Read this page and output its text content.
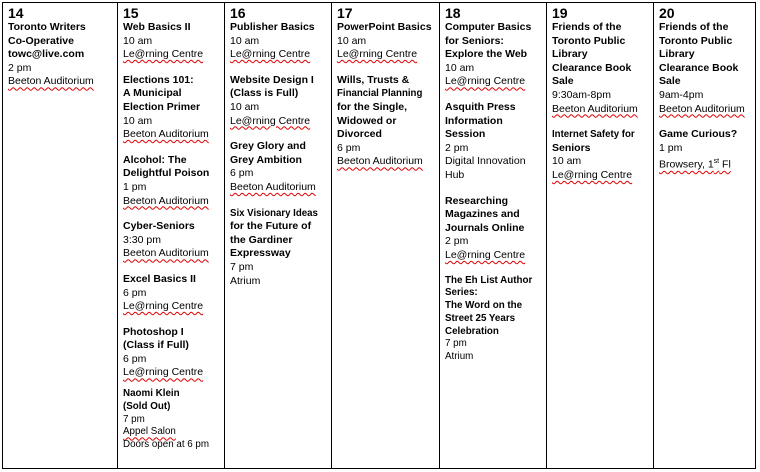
14
Toronto Writers
Co-Operative
towc@live.com
2 pm
Beeton Auditorium
15
Web Basics II
10 am
Le@rning Centre
Elections 101:
A Municipal
Election Primer
10 am
Beeton Auditorium
Alcohol: The
Delightful Poison
1 pm
Beeton Auditorium
Cyber-Seniors
3:30 pm
Beeton Auditorium
Excel Basics II
6 pm
Le@rning Centre
Photoshop I
(Class if Full)
6 pm
Le@rning Centre
Naomi Klein
(Sold Out)
7 pm
Appel Salon
Doors open at 6 pm
16
Publisher Basics
10 am
Le@rning Centre
Website Design I
(Class is Full)
10 am
Le@rning Centre
Grey Glory and
Grey Ambition
6 pm
Beeton Auditorium
Six Visionary Ideas
for the Future of
the Gardiner
Expressway
7 pm
Atrium
17
PowerPoint Basics
10 am
Le@rning Centre
Wills, Trusts &
Financial Planning
for the Single,
Widowed or
Divorced
6 pm
Beeton Auditorium
18
Computer Basics
for Seniors:
Explore the Web
10 am
Le@rning Centre
Asquith Press
Information
Session
2 pm
Digital Innovation
Hub
Researching
Magazines and
Journals Online
2 pm
Le@rning Centre
The Eh List Author
Series:
The Word on the
Street 25 Years
Celebration
7 pm
Atrium
19
Friends of the
Toronto Public
Library
Clearance Book
Sale
9:30am-8pm
Beeton Auditorium
Internet Safety for
Seniors
10 am
Le@rning Centre
20
Friends of the
Toronto Public
Library
Clearance Book
Sale
9am-4pm
Beeton Auditorium
Game Curious?
1 pm
Browsery, 1st Fl
